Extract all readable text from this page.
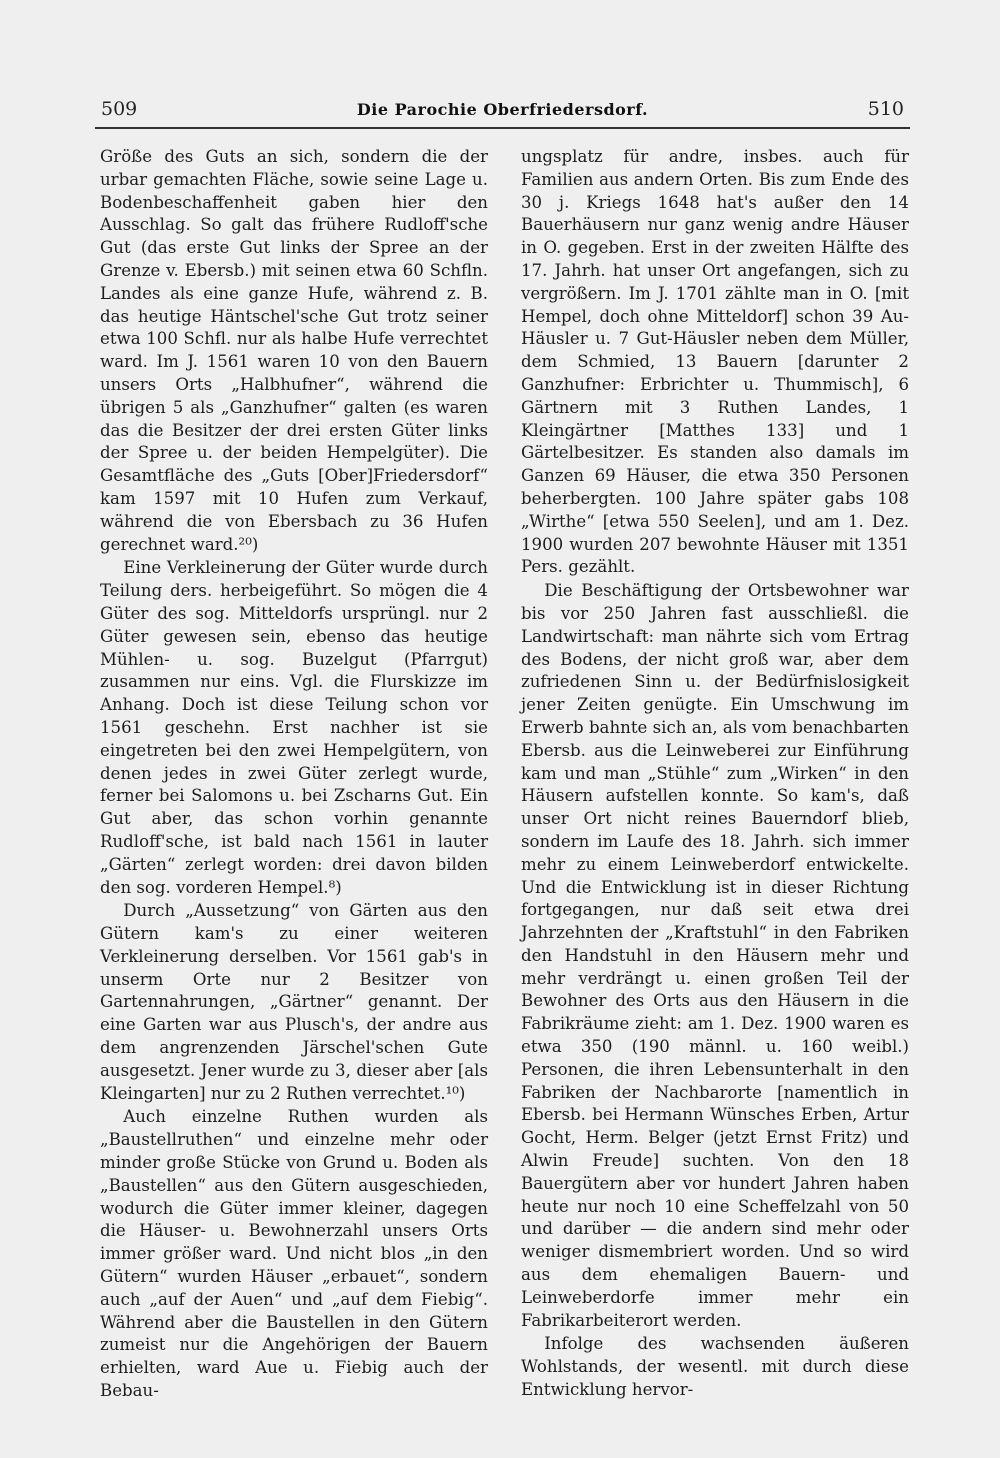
509	Die Parochie Oberfriedersdorf.	510

Größe des Guts an sich, sondern die der urbar gemachten Fläche, sowie seine Lage u. Bodenbeschaffenheit gaben hier den Ausschlag. So galt das frühere Rudloff'sche Gut (das erste Gut links der Spree an der Grenze v. Ebersb.) mit seinen etwa 60 Schfln. Landes als eine ganze Hufe, während z. B. das heutige Häntschel'sche Gut trotz seiner etwa 100 Schfl. nur als halbe Hufe verrechtet ward. Im J. 1561 waren 10 von den Bauern unsers Orts „Halbhufner“, während die übrigen 5 als „Ganzhufner“ galten (es waren das die Besitzer der drei ersten Güter links der Spree u. der beiden Hempelgüter). Die Gesamtfläche des „Guts [Ober]Friedersdorf“ kam 1597 mit 10 Hufen zum Verkauf, während die von Ebersbach zu 36 Hufen gerechnet ward.²⁰)

Eine Verkleinerung der Güter wurde durch Teilung ders. herbeigeführt. So mögen die 4 Güter des sog. Mitteldorfs ursprüngl. nur 2 Güter gewesen sein, ebenso das heutige Mühlen- u. sog. Buzelgut (Pfarrgut) zusammen nur eins. Vgl. die Flurskizze im Anhang. Doch ist diese Teilung schon vor 1561 geschehn. Erst nachher ist sie eingetreten bei den zwei Hempelgütern, von denen jedes in zwei Güter zerlegt wurde, ferner bei Salomons u. bei Zscharns Gut. Ein Gut aber, das schon vorhin genannte Rudloff'sche, ist bald nach 1561 in lauter „Gärten“ zerlegt worden: drei davon bilden den sog. vorderen Hempel.⁸)

Durch „Aussetzung“ von Gärten aus den Gütern kam's zu einer weiteren Verkleinerung derselben. Vor 1561 gab's in unserm Orte nur 2 Besitzer von Gartennahrungen, „Gärtner“ genannt. Der eine Garten war aus Plusch's, der andre aus dem angrenzenden Järschel'schen Gute ausgesetzt. Jener wurde zu 3, dieser aber [als Kleingarten] nur zu 2 Ruthen verrechtet.¹⁰)

Auch einzelne Ruthen wurden als „Baustellruthen“ und einzelne mehr oder minder große Stücke von Grund u. Boden als „Baustellen“ aus den Gütern ausgeschieden, wodurch die Güter immer kleiner, dagegen die Häuser- u. Bewohnerzahl unsers Orts immer größer ward. Und nicht blos „in den Gütern“ wurden Häuser „erbauet“, sondern auch „auf der Auen“ und „auf dem Fiebig“. Während aber die Baustellen in den Gütern zumeist nur die Angehörigen der Bauern erhielten, ward Aue u. Fiebig auch der Bebau-

ungsplatz für andre, insbes. auch für Familien aus andern Orten. Bis zum Ende des 30 j. Kriegs 1648 hat's außer den 14 Bauerhäusern nur ganz wenig andre Häuser in O. gegeben. Erst in der zweiten Hälfte des 17. Jahrh. hat unser Ort angefangen, sich zu vergrößern. Im J. 1701 zählte man in O. [mit Hempel, doch ohne Mitteldorf] schon 39 Au-Häusler u. 7 Gut-Häusler neben dem Müller, dem Schmied, 13 Bauern [darunter 2 Ganzhufner: Erbrichter u. Thummisch], 6 Gärtnern mit 3 Ruthen Landes, 1 Kleingärtner [Matthes 133] und 1 Gärtelbesitzer. Es standen also damals im Ganzen 69 Häuser, die etwa 350 Personen beherbergten. 100 Jahre später gabs 108 „Wirthe“ [etwa 550 Seelen], und am 1. Dez. 1900 wurden 207 bewohnte Häuser mit 1351 Pers. gezählt.

Die Beschäftigung der Ortsbewohner war bis vor 250 Jahren fast ausschließl. die Landwirtschaft: man nährte sich vom Ertrag des Bodens, der nicht groß war, aber dem zufriedenen Sinn u. der Bedürfnislosigkeit jener Zeiten genügte. Ein Umschwung im Erwerb bahnte sich an, als vom benachbarten Ebersb. aus die Leinweberei zur Einführung kam und man „Stühle“ zum „Wirken“ in den Häusern aufstellen konnte. So kam's, daß unser Ort nicht reines Bauerndorf blieb, sondern im Laufe des 18. Jahrh. sich immer mehr zu einem Leinweberdorf entwickelte. Und die Entwicklung ist in dieser Richtung fortgegangen, nur daß seit etwa drei Jahrzehnten der „Kraftstuhl“ in den Fabriken den Handstuhl in den Häusern mehr und mehr verdrängt u. einen großen Teil der Bewohner des Orts aus den Häusern in die Fabrikräume zieht: am 1. Dez. 1900 waren es etwa 350 (190 männl. u. 160 weibl.) Personen, die ihren Lebensunterhalt in den Fabriken der Nachbarorte [namentlich in Ebersb. bei Hermann Wünsches Erben, Artur Gocht, Herm. Belger (jetzt Ernst Fritz) und Alwin Freude] suchten. Von den 18 Bauergütern aber vor hundert Jahren haben heute nur noch 10 eine Scheffelzahl von 50 und darüber — die andern sind mehr oder weniger dismembriert worden. Und so wird aus dem ehemaligen Bauern- und Leinweberdorfe immer mehr ein Fabrikarbeiterort werden.

Infolge des wachsenden äußeren Wohlstands, der wesentl. mit durch diese Entwicklung hervor-
